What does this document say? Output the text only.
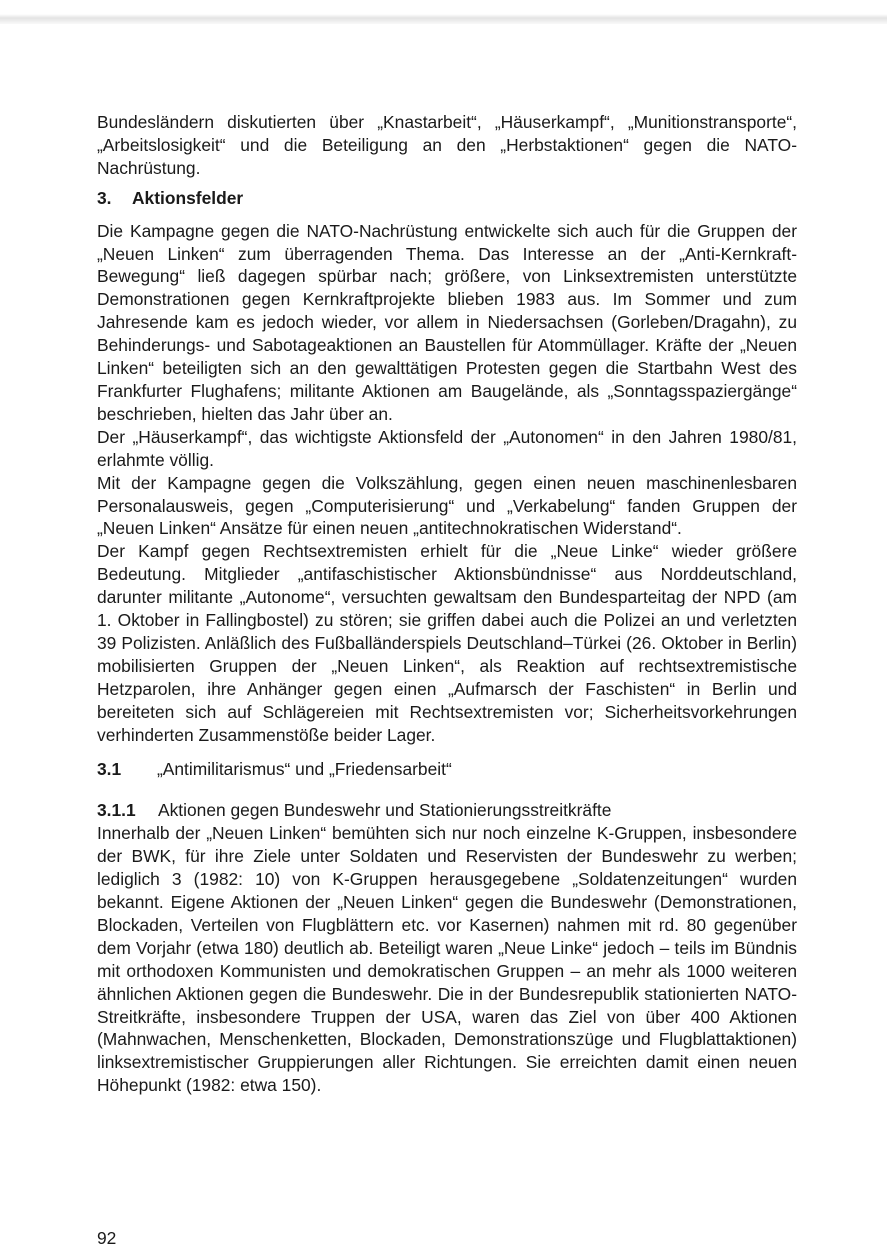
Bundesländern diskutierten über „Knastarbeit“, „Häuserkampf“, „Munitionstransporte“, „Arbeitslosigkeit“ und die Beteiligung an den „Herbstaktionen“ gegen die NATO-Nachrüstung.

3. Aktionsfelder

Die Kampagne gegen die NATO-Nachrüstung entwickelte sich auch für die Gruppen der „Neuen Linken“ zum überragenden Thema. Das Interesse an der „Anti-Kernkraft-Bewegung“ ließ dagegen spürbar nach; größere, von Linksextremisten unterstützte Demonstrationen gegen Kernkraftprojekte blieben 1983 aus. Im Sommer und zum Jahresende kam es jedoch wieder, vor allem in Niedersachsen (Gorleben/Dragahn), zu Behinderungs- und Sabotageaktionen an Baustellen für Atommüllager. Kräfte der „Neuen Linken“ beteiligten sich an den gewalttätigen Protesten gegen die Startbahn West des Frankfurter Flughafens; militante Aktionen am Baugelände, als „Sonntagsspaziergänge“ beschrieben, hielten das Jahr über an.

Der „Häuserkampf“, das wichtigste Aktionsfeld der „Autonomen“ in den Jahren 1980/81, erlahmte völlig.

Mit der Kampagne gegen die Volkszählung, gegen einen neuen maschinenlesbaren Personalausweis, gegen „Computerisierung“ und „Verkabelung“ fanden Gruppen der „Neuen Linken“ Ansätze für einen neuen „antitechnokratischen Widerstand“.

Der Kampf gegen Rechtsextremisten erhielt für die „Neue Linke“ wieder größere Bedeutung. Mitglieder „antifaschistischer Aktionsbündnisse“ aus Norddeutschland, darunter militante „Autonome“, versuchten gewaltsam den Bundesparteitag der NPD (am 1. Oktober in Fallingbostel) zu stören; sie griffen dabei auch die Polizei an und verletzten 39 Polizisten. Anläßlich des Fußballänderspiels Deutschland–Türkei (26. Oktober in Berlin) mobilisierten Gruppen der „Neuen Linken“, als Reaktion auf rechtsextremistische Hetzparolen, ihre Anhänger gegen einen „Aufmarsch der Faschisten“ in Berlin und bereiteten sich auf Schlägereien mit Rechtsextremisten vor; Sicherheitsvorkehrungen verhinderten Zusammenstöße beider Lager.

3.1 „Antimilitarismus“ und „Friedensarbeit“

3.1.1 Aktionen gegen Bundeswehr und Stationierungsstreitkräfte

Innerhalb der „Neuen Linken“ bemühten sich nur noch einzelne K-Gruppen, insbesondere der BWK, für ihre Ziele unter Soldaten und Reservisten der Bundeswehr zu werben; lediglich 3 (1982: 10) von K-Gruppen herausgegebene „Soldatenzeitungen“ wurden bekannt. Eigene Aktionen der „Neuen Linken“ gegen die Bundeswehr (Demonstrationen, Blockaden, Verteilen von Flugblättern etc. vor Kasernen) nahmen mit rd. 80 gegenüber dem Vorjahr (etwa 180) deutlich ab. Beteiligt waren „Neue Linke“ jedoch – teils im Bündnis mit orthodoxen Kommunisten und demokratischen Gruppen – an mehr als 1000 weiteren ähnlichen Aktionen gegen die Bundeswehr. Die in der Bundesrepublik stationierten NATO-Streitkräfte, insbesondere Truppen der USA, waren das Ziel von über 400 Aktionen (Mahnwachen, Menschenketten, Blockaden, Demonstrationszüge und Flugblattaktionen) linksextremistischer Gruppierungen aller Richtungen. Sie erreichten damit einen neuen Höhepunkt (1982: etwa 150).

92
